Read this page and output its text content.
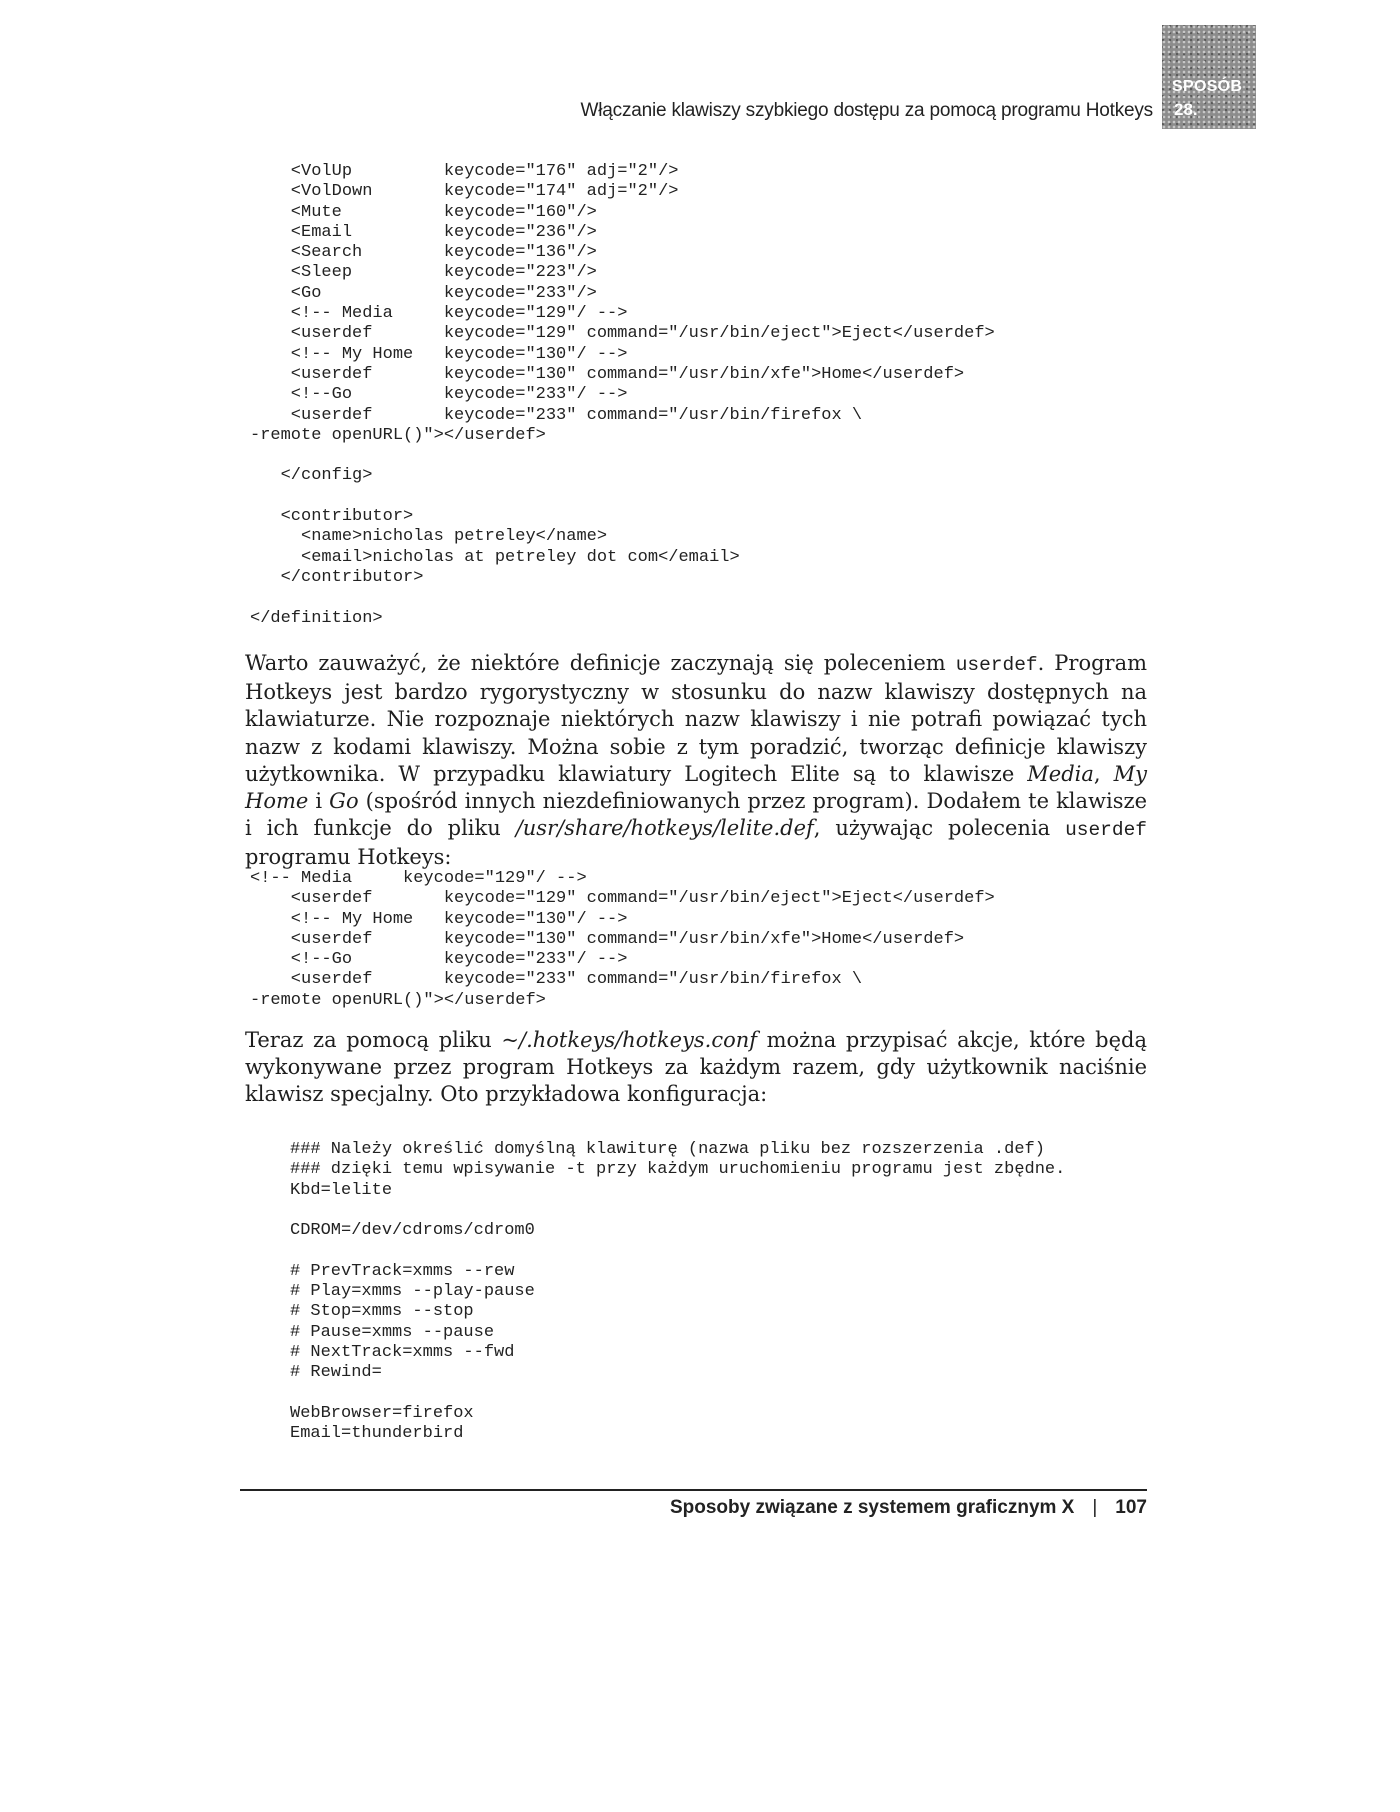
Włączanie klawiszy szybkiego dostępu za pomocą programu Hotkeys
SPOSÓB
28.
<VolUp         keycode="176" adj="2"/>
<VolDown       keycode="174" adj="2"/>
<Mute          keycode="160"/>
<Email         keycode="236"/>
<Search        keycode="136"/>
<Sleep         keycode="223"/>
<Go            keycode="233"/>
<!-- Media     keycode="129"/ -->
<userdef       keycode="129" command="/usr/bin/eject">Eject</userdef>
<!-- My Home   keycode="130"/ -->
<userdef       keycode="130" command="/usr/bin/xfe">Home</userdef>
<!--Go         keycode="233"/ -->
<userdef       keycode="233" command="/usr/bin/firefox \
-remote openURL()"></userdef>

</config>

<contributor>
<name>nicholas petreley</name>
<email>nicholas at petreley dot com</email>
</contributor>

</definition>

Warto zauważyć, że niektóre definicje zaczynają się poleceniem userdef. Program Hotkeys jest bardzo rygorystyczny w stosunku do nazw klawiszy dostępnych na klawiaturze. Nie rozpoznaje niektórych nazw klawiszy i nie potrafi powiązać tych nazw z kodami klawiszy. Można sobie z tym poradzić, tworząc definicje klawiszy użytkownika. W przypadku klawiatury Logitech Elite są to klawisze Media, My Home i Go (spośród innych niezdefiniowanych przez program). Dodałem te klawisze i ich funkcje do pliku /usr/share/hotkeys/lelite.def, używając polecenia userdef programu Hotkeys:

<!-- Media     keycode="129"/ -->
<userdef       keycode="129" command="/usr/bin/eject">Eject</userdef>
<!-- My Home   keycode="130"/ -->
<userdef       keycode="130" command="/usr/bin/xfe">Home</userdef>
<!--Go         keycode="233"/ -->
<userdef       keycode="233" command="/usr/bin/firefox \
-remote openURL()"></userdef>

Teraz za pomocą pliku ~/.hotkeys/hotkeys.conf można przypisać akcje, które będą wykonywane przez program Hotkeys za każdym razem, gdy użytkownik naciśnie klawisz specjalny. Oto przykładowa konfiguracja:

### Należy określić domyślną klawiturę (nazwa pliku bez rozszerzenia .def)
### dzięki temu wpisywanie -t przy każdym uruchomieniu programu jest zbędne.
Kbd=lelite

CDROM=/dev/cdroms/cdrom0

# PrevTrack=xmms --rew
# Play=xmms --play-pause
# Stop=xmms --stop
# Pause=xmms --pause
# NextTrack=xmms --fwd
# Rewind=

WebBrowser=firefox
Email=thunderbird
Sposoby związane z systemem graficznym X | 107
